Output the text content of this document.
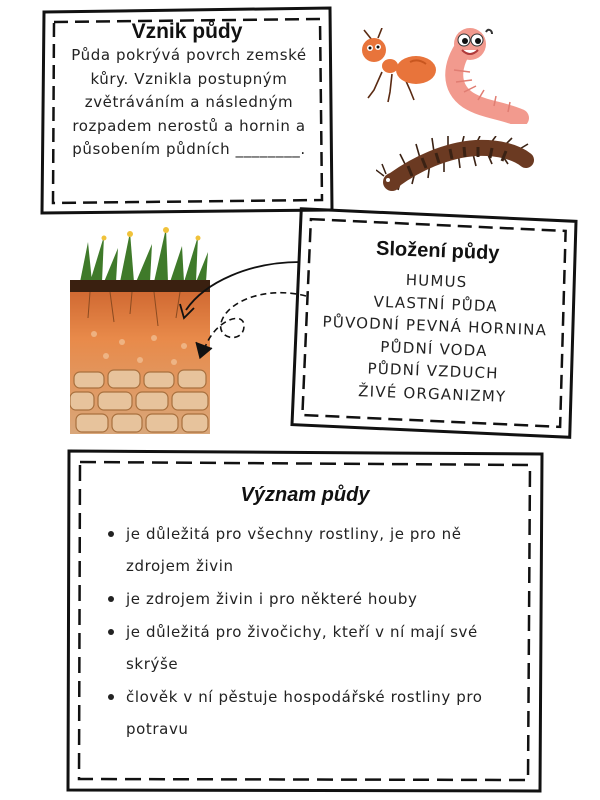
Vznik půdy
Půda pokrývá povrch zemské kůry. Vznikla postupným zvětráváním a následným rozpadem nerostů a hornin a působením půdních ________.
Složení půdy
HUMUS
VLASTNÍ PŮDA
PŮVODNÍ PEVNÁ HORNINA
PŮDNÍ VODA
PŮDNÍ VZDUCH
ŽIVÉ ORGANIZMY
Význam půdy
je důležitá pro všechny rostliny, je pro ně zdrojem živin
je zdrojem živin i pro některé houby
je důležitá pro živočichy, kteří v ní mají své skrýše
člověk v ní pěstuje hospodářské rostliny pro potravu
